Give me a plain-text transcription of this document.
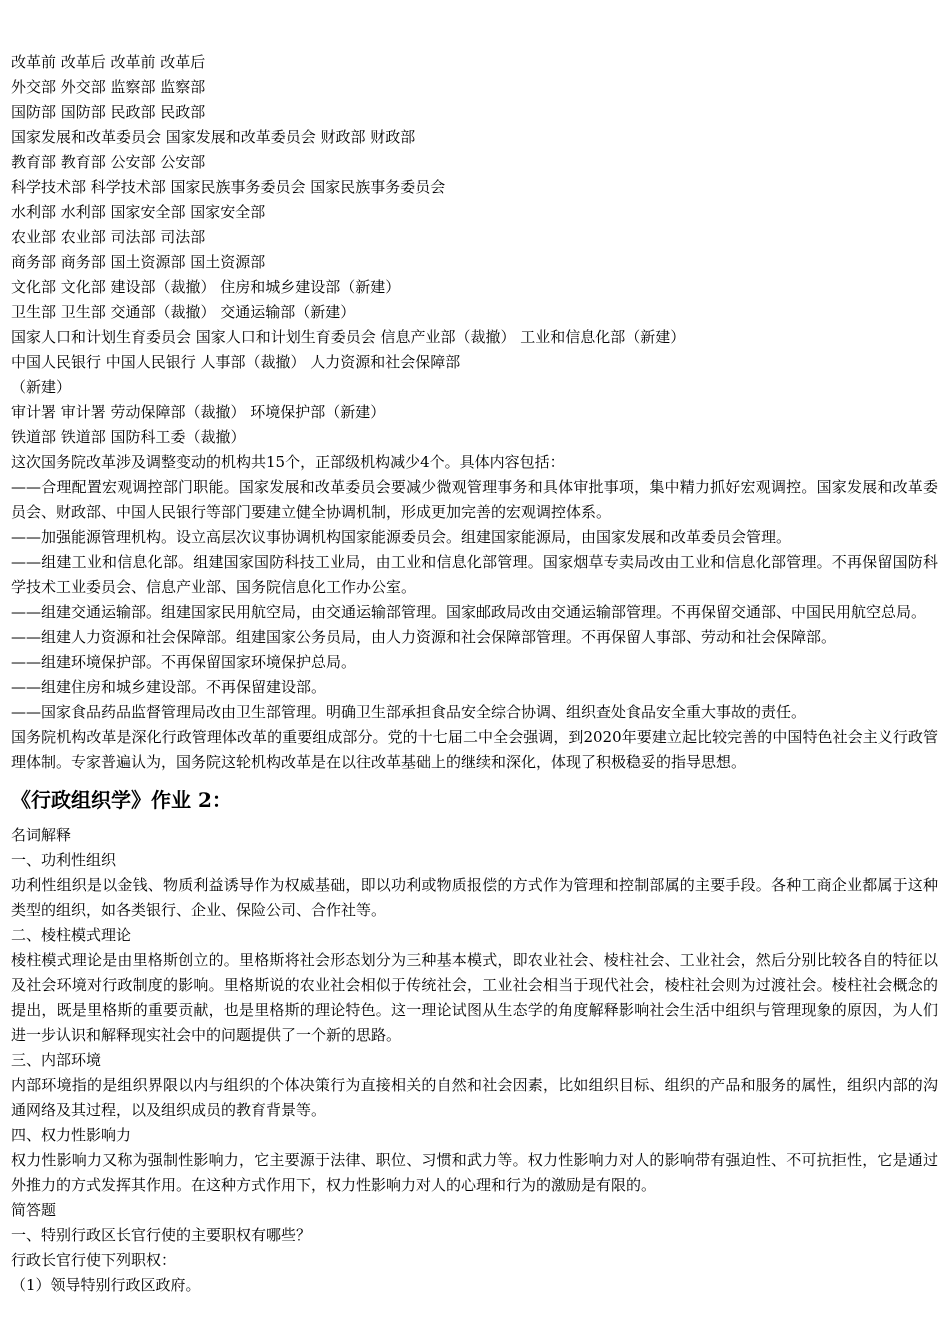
改革前 改革后 改革前 改革后
外交部 外交部 监察部 监察部
国防部 国防部 民政部 民政部
国家发展和改革委员会 国家发展和改革委员会 财政部 财政部
教育部 教育部 公安部 公安部
科学技术部 科学技术部 国家民族事务委员会 国家民族事务委员会
水利部 水利部 国家安全部 国家安全部
农业部 农业部 司法部 司法部
商务部 商务部 国土资源部 国土资源部
文化部 文化部 建设部（裁撤） 住房和城乡建设部（新建）
卫生部 卫生部 交通部（裁撤） 交通运输部（新建）
国家人口和计划生育委员会 国家人口和计划生育委员会 信息产业部（裁撤） 工业和信息化部（新建）
中国人民银行 中国人民银行 人事部（裁撤） 人力资源和社会保障部
（新建）
审计署 审计署 劳动保障部（裁撤） 环境保护部（新建）
铁道部 铁道部 国防科工委（裁撤）

这次国务院改革涉及调整变动的机构共15个，正部级机构减少4个。具体内容包括：

——合理配置宏观调控部门职能。国家发展和改革委员会要减少微观管理事务和具体审批事项，集中精力抓好宏观调控。国家发展和改革委员会、财政部、中国人民银行等部门要建立健全协调机制，形成更加完善的宏观调控体系。

——加强能源管理机构。设立高层次议事协调机构国家能源委员会。组建国家能源局，由国家发展和改革委员会管理。

——组建工业和信息化部。组建国家国防科技工业局，由工业和信息化部管理。国家烟草专卖局改由工业和信息化部管理。不再保留国防科学技术工业委员会、信息产业部、国务院信息化工作办公室。

——组建交通运输部。组建国家民用航空局，由交通运输部管理。国家邮政局改由交通运输部管理。不再保留交通部、中国民用航空总局。

——组建人力资源和社会保障部。组建国家公务员局，由人力资源和社会保障部管理。不再保留人事部、劳动和社会保障部。

——组建环境保护部。不再保留国家环境保护总局。

——组建住房和城乡建设部。不再保留建设部。

——国家食品药品监督管理局改由卫生部管理。明确卫生部承担食品安全综合协调、组织查处食品安全重大事故的责任。

国务院机构改革是深化行政管理体改革的重要组成部分。党的十七届二中全会强调，到2020年要建立起比较完善的中国特色社会主义行政管理体制。专家普遍认为，国务院这轮机构改革是在以往改革基础上的继续和深化，体现了积极稳妥的指导思想。

《行政组织学》作业 2：

名词解释

一、功利性组织

功利性组织是以金钱、物质利益诱导作为权威基础，即以功利或物质报偿的方式作为管理和控制部属的主要手段。各种工商企业都属于这种类型的组织，如各类银行、企业、保险公司、合作社等。

二、棱柱模式理论

棱柱模式理论是由里格斯创立的。里格斯将社会形态划分为三种基本模式，即农业社会、棱柱社会、工业社会，然后分别比较各自的特征以及社会环境对行政制度的影响。里格斯说的农业社会相似于传统社会，工业社会相当于现代社会，棱柱社会则为过渡社会。棱柱社会概念的提出，既是里格斯的重要贡献，也是里格斯的理论特色。这一理论试图从生态学的角度解释影响社会生活中组织与管理现象的原因，为人们进一步认识和解释现实社会中的问题提供了一个新的思路。

三、内部环境

内部环境指的是组织界限以内与组织的个体决策行为直接相关的自然和社会因素，比如组织目标、组织的产品和服务的属性，组织内部的沟通网络及其过程，以及组织成员的教育背景等。

四、权力性影响力

权力性影响力又称为强制性影响力，它主要源于法律、职位、习惯和武力等。权力性影响力对人的影响带有强迫性、不可抗拒性，它是通过外推力的方式发挥其作用。在这种方式作用下，权力性影响力对人的心理和行为的激励是有限的。

简答题

一、特别行政区长官行使的主要职权有哪些？

行政长官行使下列职权：

（1）领导特别行政区政府。
